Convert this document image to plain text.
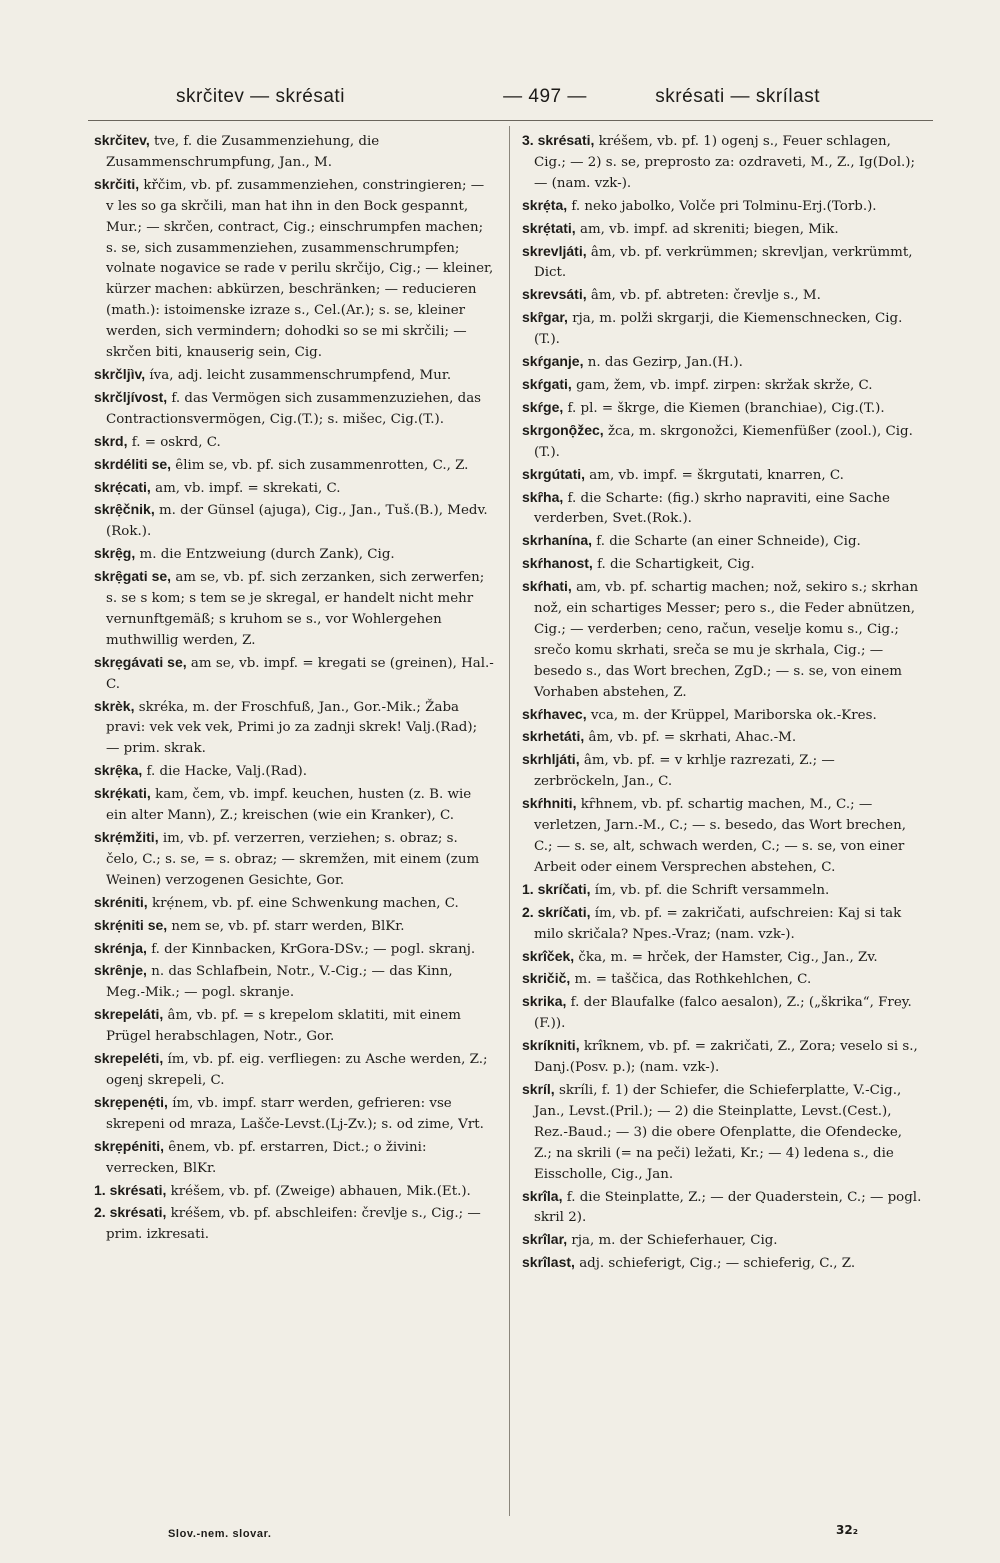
skrčitev — skrésati	— 497 —	skrésati — skrílast

skrčitev, tve, f. die Zusammenziehung, die Zusammenschrumpfung, Jan., M.

skrčiti, křčim, vb. pf. zusammenziehen, constringieren; — v les so ga skrčili, man hat ihn in den Bock gespannt, Mur.; — skrčen, contract, Cig.; einschrumpfen machen; s. se, sich zusammenziehen, zusammenschrumpfen; volnate nogavice se rade v perilu skrčijo, Cig.; — kleiner, kürzer machen: abkürzen, beschränken; — reducieren (math.): istoimenske izraze s., Cel.(Ar.); s. se, kleiner werden, sich vermindern; dohodki so se mi skrčili; — skrčen biti, knauserig sein, Cig.

skrčljìv, íva, adj. leicht zusammenschrumpfend, Mur.

skrčljívost, f. das Vermögen sich zusammenzuziehen, das Contractionsvermögen, Cig.(T.); s. mišec, Cig.(T.).

skrd, f. = oskrd, C.

skrdéliti se, ȇlim se, vb. pf. sich zusammenrotten, C., Z.

skrẹ́cati, am, vb. impf. = skrekati, C.

skrẹ̑čnik, m. der Günsel (ajuga), Cig., Jan., Tuš.(B.), Medv.(Rok.).

skrẹ̑g, m. die Entzweiung (durch Zank), Cig.

skrẹ̑gati se, am se, vb. pf. sich zerzanken, sich zerwerfen; s. se s kom; s tem se je skregal, er handelt nicht mehr vernunftgemäß; s kruhom se s., vor Wohlergehen muthwillig werden, Z.

skrẹgávati se, am se, vb. impf. = kregati se (greinen), Hal.-C.

skrèk, skréka, m. der Froschfuß, Jan., Gor.-Mik.; Žaba pravi: vek vek vek, Primi jo za zadnji skrek! Valj.(Rad); — prim. skrak.

skrẹ̑ka, f. die Hacke, Valj.(Rad).

skrẹ́kati, kam, čem, vb. impf. keuchen, husten (z. B. wie ein alter Mann), Z.; kreischen (wie ein Kranker), C.

skrẹ́mžiti, im, vb. pf. verzerren, verziehen; s. obraz; s. čelo, C.; s. se, = s. obraz; — skremžen, mit einem (zum Weinen) verzogenen Gesichte, Gor.

skréniti, krẹ́nem, vb. pf. eine Schwenkung machen, C.

skrẹ́niti se, nem se, vb. pf. starr werden, BlKr.

skrénja, f. der Kinnbacken, KrGora-DSv.; — pogl. skranj.

skrȇnje, n. das Schlafbein, Notr., V.-Cig.; — das Kinn, Meg.-Mik.; — pogl. skranje.

skrepeláti, âm, vb. pf. = s krepelom sklatiti, mit einem Prügel herabschlagen, Notr., Gor.

skrepeléti, ím, vb. pf. eig. verfliegen: zu Asche werden, Z.; ogenj skrepeli, C.

skrẹpenẹ́ti, ím, vb. impf. starr werden, gefrieren: vse skrepeni od mraza, Lašče-Levst.(Lj-Zv.); s. od zime, Vrt.

skrẹpéniti, ȇnem, vb. pf. erstarren, Dict.; o živini: verrecken, BlKr.

1. skrésati, kréšem, vb. pf. (Zweige) abhauen, Mik.(Et.).

2. skrésati, kréšem, vb. pf. abschleifen: črevlje s., Cig.; — prim. izkresati.

3. skrésati, kréšem, vb. pf. 1) ogenj s., Feuer schlagen, Cig.; — 2) s. se, preprosto za: ozdraveti, M., Z., Ig(Dol.); — (nam. vzk-).

skrẹ́ta, f. neko jabolko, Volče pri Tolminu-Erj.(Torb.).

skrẹ́tati, am, vb. impf. ad skreniti; biegen, Mik.

skrevljáti, âm, vb. pf. verkrümmen; skrevljan, verkrümmt, Dict.

skrevsáti, âm, vb. pf. abtreten: črevlje s., M.

skȓgar, rja, m. polži skrgarji, die Kiemenschnecken, Cig.(T.).

skŕganje, n. das Gezirp, Jan.(H.).

skŕgati, gam, žem, vb. impf. zirpen: skržak skrže, C.

skŕge, f. pl. = škrge, die Kiemen (branchiae), Cig.(T.).

skrgonọ̑žec, žca, m. skrgonožci, Kiemenfüßer (zool.), Cig.(T.).

skrgútati, am, vb. impf. = škrgutati, knarren, C.

skȓha, f. die Scharte: (fig.) skrho napraviti, eine Sache verderben, Svet.(Rok.).

skrhanína, f. die Scharte (an einer Schneide), Cig.

skŕhanost, f. die Schartigkeit, Cig.

skŕhati, am, vb. pf. schartig machen; nož, sekiro s.; skrhan nož, ein schartiges Messer; pero s., die Feder abnützen, Cig.; — verderben; ceno, račun, veselje komu s., Cig.; srečo komu skrhati, sreča se mu je skrhala, Cig.; — besedo s., das Wort brechen, ZgD.; — s. se, von einem Vorhaben abstehen, Z.

skŕhavec, vca, m. der Krüppel, Mariborska ok.-Kres.

skrhetáti, âm, vb. pf. = skrhati, Ahac.-M.

skrhljáti, âm, vb. pf. = v krhlje razrezati, Z.; — zerbröckeln, Jan., C.

skŕhniti, kȓhnem, vb. pf. schartig machen, M., C.; — verletzen, Jarn.-M., C.; — s. besedo, das Wort brechen, C.; — s. se, alt, schwach werden, C.; — s. se, von einer Arbeit oder einem Versprechen abstehen, C.

1. skríčati, ím, vb. pf. die Schrift versammeln.

2. skríčati, ím, vb. pf. = zakričati, aufschreien: Kaj si tak milo skričala? Npes.-Vraz; (nam. vzk-).

skrîček, čka, m. = hrček, der Hamster, Cig., Jan., Zv.

skričič, m. = taščica, das Rothkehlchen, C.

skrika, f. der Blaufalke (falco aesalon), Z.; („škrika“, Frey.(F.)).

skríkniti, krîknem, vb. pf. = zakričati, Z., Zora; veselo si s., Danj.(Posv. p.); (nam. vzk-).

skríl, skríli, f. 1) der Schiefer, die Schieferplatte, V.-Cig., Jan., Levst.(Pril.); — 2) die Steinplatte, Levst.(Cest.), Rez.-Baud.; — 3) die obere Ofenplatte, die Ofendecke, Z.; na skrili (= na peči) ležati, Kr.; — 4) ledena s., die Eisscholle, Cig., Jan.

skrîla, f. die Steinplatte, Z.; — der Quaderstein, C.; — pogl. skril 2).

skrîlar, rja, m. der Schieferhauer, Cig.

skrîlast, adj. schieferigt, Cig.; — schieferig, C., Z.

Slov.-nem. slovar.	32₂
